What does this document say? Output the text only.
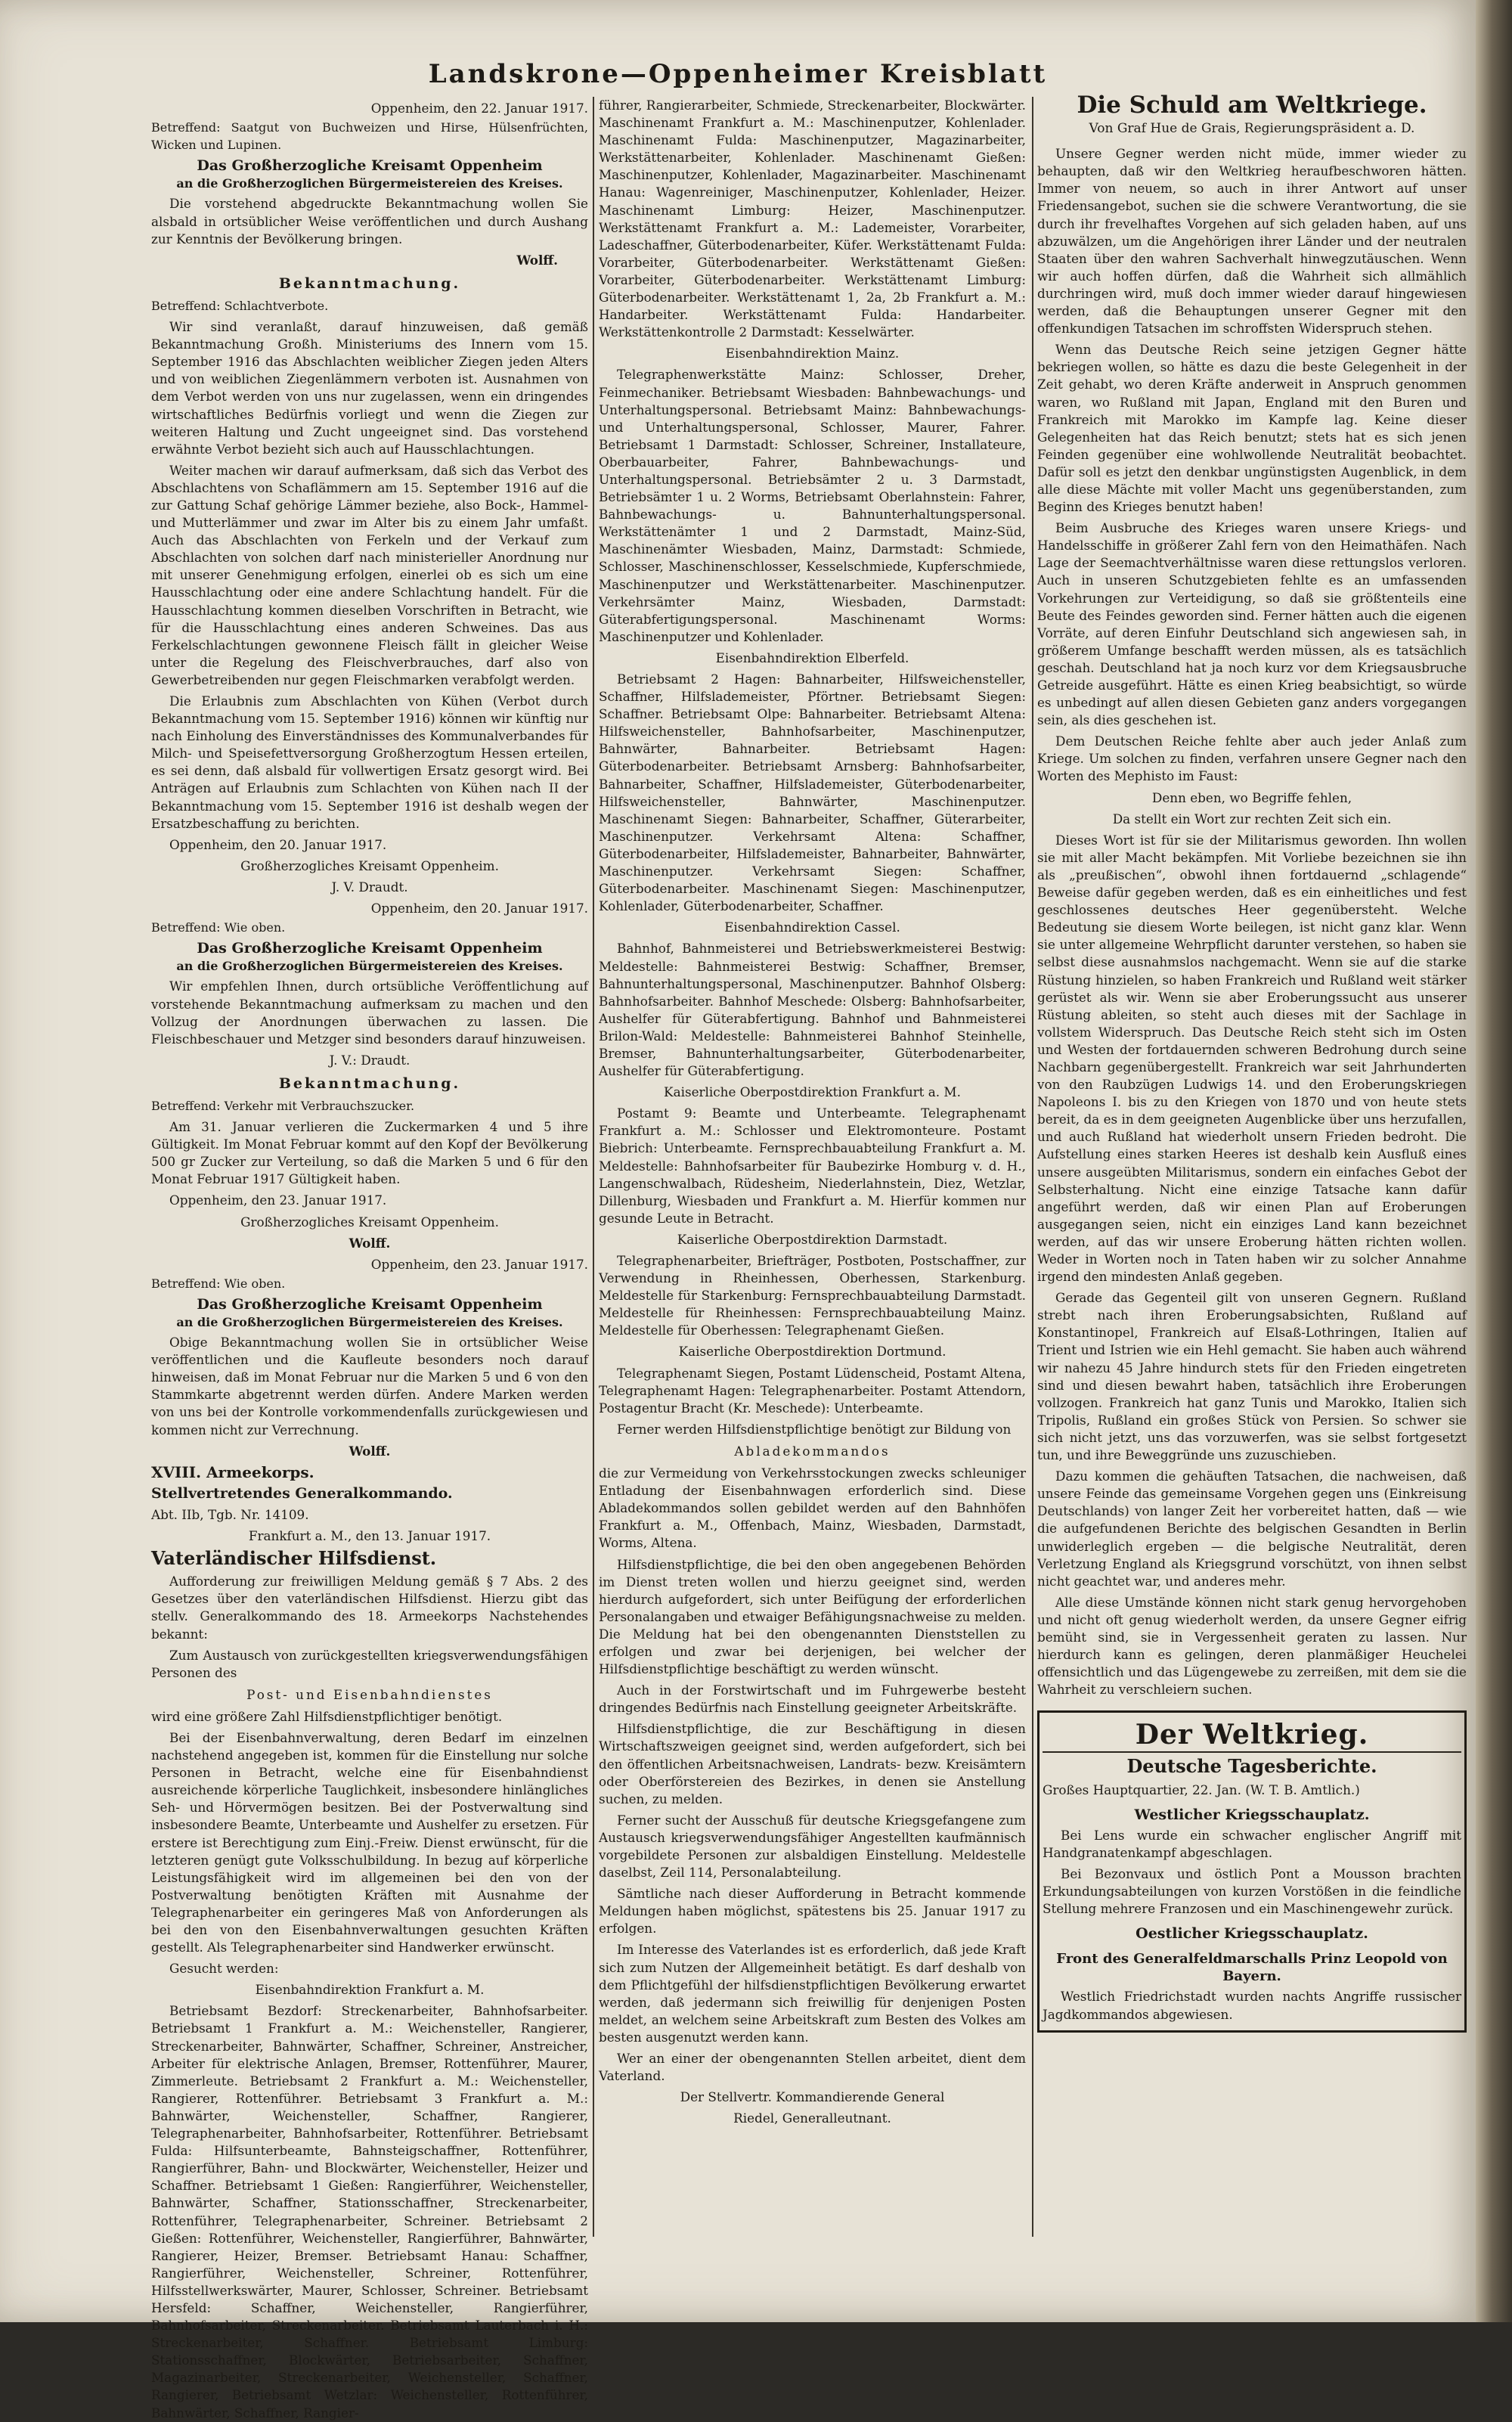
Landskrone—Oppenheimer Kreisblatt

Oppenheim, den 22. Januar 1917.

Betreffend: Saatgut von Buchweizen und Hirse, Hülsenfrüchten, Wicken und Lupinen.

Das Großherzogliche Kreisamt Oppenheim

an die Großherzoglichen Bürgermeistereien des Kreises.

Die vorstehend abgedruckte Bekanntmachung wollen Sie alsbald in ortsüblicher Weise veröffentlichen und durch Aushang zur Kenntnis der Bevölkerung bringen.

Wolff.

Bekanntmachung.

Betreffend: Schlachtverbote.

Wir sind veranlaßt, darauf hinzuweisen, daß gemäß Bekanntmachung Großh. Ministeriums des Innern vom 15. September 1916 das Abschlachten weiblicher Ziegen jeden Alters und von weiblichen Ziegenlämmern verboten ist. Ausnahmen von dem Verbot werden von uns nur zugelassen, wenn ein dringendes wirtschaftliches Bedürfnis vorliegt und wenn die Ziegen zur weiteren Haltung und Zucht ungeeignet sind. Das vorstehend erwähnte Verbot bezieht sich auch auf Hausschlachtungen.

Weiter machen wir darauf aufmerksam, daß sich das Verbot des Abschlachtens von Schaflämmern am 15. September 1916 auf die zur Gattung Schaf gehörige Lämmer beziehe, also Bock-, Hammel- und Mutterlämmer und zwar im Alter bis zu einem Jahr umfaßt. Auch das Abschlachten von Ferkeln und der Verkauf zum Abschlachten von solchen darf nach ministerieller Anordnung nur mit unserer Genehmigung erfolgen, einerlei ob es sich um eine Hausschlachtung oder eine andere Schlachtung handelt. Für die Hausschlachtung kommen dieselben Vorschriften in Betracht, wie für die Hausschlachtung eines anderen Schweines. Das aus Ferkelschlachtungen gewonnene Fleisch fällt in gleicher Weise unter die Regelung des Fleischverbrauches, darf also von Gewerbetreibenden nur gegen Fleischmarken verabfolgt werden.

Die Erlaubnis zum Abschlachten von Kühen (Verbot durch Bekanntmachung vom 15. September 1916) können wir künftig nur nach Einholung des Einverständnisses des Kommunalverbandes für Milch- und Speisefettversorgung Großherzogtum Hessen erteilen, es sei denn, daß alsbald für vollwertigen Ersatz gesorgt wird. Bei Anträgen auf Erlaubnis zum Schlachten von Kühen nach II der Bekanntmachung vom 15. September 1916 ist deshalb wegen der Ersatzbeschaffung zu berichten.

Oppenheim, den 20. Januar 1917.

Großherzogliches Kreisamt Oppenheim.

J. V. Draudt.

Oppenheim, den 20. Januar 1917.

Betreffend: Wie oben.

Das Großherzogliche Kreisamt Oppenheim

an die Großherzoglichen Bürgermeistereien des Kreises.

Wir empfehlen Ihnen, durch ortsübliche Veröffentlichung auf vorstehende Bekanntmachung aufmerksam zu machen und den Vollzug der Anordnungen überwachen zu lassen. Die Fleischbeschauer und Metzger sind besonders darauf hinzuweisen.

J. V.: Draudt.

Bekanntmachung.

Betreffend: Verkehr mit Verbrauchszucker.

Am 31. Januar verlieren die Zuckermarken 4 und 5 ihre Gültigkeit. Im Monat Februar kommt auf den Kopf der Bevölkerung 500 gr Zucker zur Verteilung, so daß die Marken 5 und 6 für den Monat Februar 1917 Gültigkeit haben.

Oppenheim, den 23. Januar 1917.

Großherzogliches Kreisamt Oppenheim.

Wolff.

Oppenheim, den 23. Januar 1917.

Betreffend: Wie oben.

Das Großherzogliche Kreisamt Oppenheim

an die Großherzoglichen Bürgermeistereien des Kreises.

Obige Bekanntmachung wollen Sie in ortsüblicher Weise veröffentlichen und die Kaufleute besonders noch darauf hinweisen, daß im Monat Februar nur die Marken 5 und 6 von den Stammkarte abgetrennt werden dürfen. Andere Marken werden von uns bei der Kontrolle vorkommendenfalls zurückgewiesen und kommen nicht zur Verrechnung.

Wolff.

XVIII. Armeekorps.

Stellvertretendes Generalkommando.

Abt. IIb, Tgb. Nr. 14109.

Frankfurt a. M., den 13. Januar 1917.

Vaterländischer Hilfsdienst.

Aufforderung zur freiwilligen Meldung gemäß § 7 Abs. 2 des Gesetzes über den vaterländischen Hilfsdienst. Hierzu gibt das stellv. Generalkommando des 18. Armeekorps Nachstehendes bekannt:

Zum Austausch von zurückgestellten kriegsverwendungsfähigen Personen des

Post- und Eisenbahndienstes

wird eine größere Zahl Hilfsdienstpflichtiger benötigt.

Bei der Eisenbahnverwaltung, deren Bedarf im einzelnen nachstehend angegeben ist, kommen für die Einstellung nur solche Personen in Betracht, welche eine für Eisenbahndienst ausreichende körperliche Tauglichkeit, insbesondere hinlängliches Seh- und Hörvermögen besitzen. Bei der Postverwaltung sind insbesondere Beamte, Unterbeamte und Aushelfer zu ersetzen. Für erstere ist Berechtigung zum Einj.-Freiw. Dienst erwünscht, für die letzteren genügt gute Volksschulbildung. In bezug auf körperliche Leistungsfähigkeit wird im allgemeinen bei den von der Postverwaltung benötigten Kräften mit Ausnahme der Telegraphenarbeiter ein geringeres Maß von Anforderungen als bei den von den Eisenbahnverwaltungen gesuchten Kräften gestellt. Als Telegraphenarbeiter sind Handwerker erwünscht.

Gesucht werden:

Eisenbahndirektion Frankfurt a. M.

Betriebsamt Bezdorf: Streckenarbeiter, Bahnhofsarbeiter. Betriebsamt 1 Frankfurt a. M.: Weichensteller, Rangierer, Streckenarbeiter, Bahnwärter, Schaffner, Schreiner, Anstreicher, Arbeiter für elektrische Anlagen, Bremser, Rottenführer, Maurer, Zimmerleute. Betriebsamt 2 Frankfurt a. M.: Weichensteller, Rangierer, Rottenführer. Betriebsamt 3 Frankfurt a. M.: Bahnwärter, Weichensteller, Schaffner, Rangierer, Telegraphenarbeiter, Bahnhofsarbeiter, Rottenführer. Betriebsamt Fulda: Hilfsunterbeamte, Bahnsteigschaffner, Rottenführer, Rangierführer, Bahn- und Blockwärter, Weichensteller, Heizer und Schaffner. Betriebsamt 1 Gießen: Rangierführer, Weichensteller, Bahnwärter, Schaffner, Stationsschaffner, Streckenarbeiter, Rottenführer, Telegraphenarbeiter, Schreiner. Betriebsamt 2 Gießen: Rottenführer, Weichensteller, Rangierführer, Bahnwärter, Rangierer, Heizer, Bremser. Betriebsamt Hanau: Schaffner, Rangierführer, Weichensteller, Schreiner, Rottenführer, Hilfsstellwerkswärter, Maurer, Schlosser, Schreiner. Betriebsamt Hersfeld: Schaffner, Weichensteller, Rangierführer, Bahnhofsarbeiter, Streckenarbeiter. Betriebsamt Lauterbach i. H.: Streckenarbeiter, Schaffner. Betriebsamt Limburg: Stationsschaffner, Blockwärter, Betriebsarbeiter, Schaffner, Magazinarbeiter, Streckenarbeiter, Weichensteller, Schaffner, Rangierer, Betriebsamt Wetzlar: Weichensteller, Rottenführer, Bahnwärter, Schaffner, Rangier-

führer, Rangierarbeiter, Schmiede, Streckenarbeiter, Blockwärter. Maschinenamt Frankfurt a. M.: Maschinenputzer, Kohlenlader. Maschinenamt Fulda: Maschinenputzer, Magazinarbeiter, Werkstättenarbeiter, Kohlenlader. Maschinenamt Gießen: Maschinenputzer, Kohlenlader, Magazinarbeiter. Maschinenamt Hanau: Wagenreiniger, Maschinenputzer, Kohlenlader, Heizer. Maschinenamt Limburg: Heizer, Maschinenputzer. Werkstättenamt Frankfurt a. M.: Lademeister, Vorarbeiter, Ladeschaffner, Güterbodenarbeiter, Küfer. Werkstättenamt Fulda: Vorarbeiter, Güterbodenarbeiter. Werkstättenamt Gießen: Vorarbeiter, Güterbodenarbeiter. Werkstättenamt Limburg: Güterbodenarbeiter. Werkstättenamt 1, 2a, 2b Frankfurt a. M.: Handarbeiter. Werkstättenamt Fulda: Handarbeiter. Werkstättenkontrolle 2 Darmstadt: Kesselwärter.

Eisenbahndirektion Mainz.

Telegraphenwerkstätte Mainz: Schlosser, Dreher, Feinmechaniker. Betriebsamt Wiesbaden: Bahnbewachungs- und Unterhaltungspersonal. Betriebsamt Mainz: Bahnbewachungs- und Unterhaltungspersonal, Schlosser, Maurer, Fahrer. Betriebsamt 1 Darmstadt: Schlosser, Schreiner, Installateure, Oberbauarbeiter, Fahrer, Bahnbewachungs- und Unterhaltungspersonal. Betriebsämter 2 u. 3 Darmstadt, Betriebsämter 1 u. 2 Worms, Betriebsamt Oberlahnstein: Fahrer, Bahnbewachungs- u. Bahnunterhaltungspersonal. Werkstättenämter 1 und 2 Darmstadt, Mainz-Süd, Maschinenämter Wiesbaden, Mainz, Darmstadt: Schmiede, Schlosser, Maschinenschlosser, Kesselschmiede, Kupferschmiede, Maschinenputzer und Werkstättenarbeiter. Maschinenputzer. Verkehrsämter Mainz, Wiesbaden, Darmstadt: Güterabfertigungspersonal. Maschinenamt Worms: Maschinenputzer und Kohlenlader.

Eisenbahndirektion Elberfeld.

Betriebsamt 2 Hagen: Bahnarbeiter, Hilfsweichensteller, Schaffner, Hilfslademeister, Pförtner. Betriebsamt Siegen: Schaffner. Betriebsamt Olpe: Bahnarbeiter. Betriebsamt Altena: Hilfsweichensteller, Bahnhofsarbeiter, Maschinenputzer, Bahnwärter, Bahnarbeiter. Betriebsamt Hagen: Güterbodenarbeiter. Betriebsamt Arnsberg: Bahnhofsarbeiter, Bahnarbeiter, Schaffner, Hilfslademeister, Güterbodenarbeiter, Hilfsweichensteller, Bahnwärter, Maschinenputzer. Maschinenamt Siegen: Bahnarbeiter, Schaffner, Güterarbeiter, Maschinenputzer. Verkehrsamt Altena: Schaffner, Güterbodenarbeiter, Hilfslademeister, Bahnarbeiter, Bahnwärter, Maschinenputzer. Verkehrsamt Siegen: Schaffner, Güterbodenarbeiter. Maschinenamt Siegen: Maschinenputzer, Kohlenlader, Güterbodenarbeiter, Schaffner.

Eisenbahndirektion Cassel.

Bahnhof, Bahnmeisterei und Betriebswerkmeisterei Bestwig: Meldestelle: Bahnmeisterei Bestwig: Schaffner, Bremser, Bahnunterhaltungspersonal, Maschinenputzer. Bahnhof Olsberg: Bahnhofsarbeiter. Bahnhof Meschede: Olsberg: Bahnhofsarbeiter, Aushelfer für Güterabfertigung. Bahnhof und Bahnmeisterei Brilon-Wald: Meldestelle: Bahnmeisterei Bahnhof Steinhelle, Bremser, Bahnunterhaltungsarbeiter, Güterbodenarbeiter, Aushelfer für Güterabfertigung.

Kaiserliche Oberpostdirektion Frankfurt a. M.

Postamt 9: Beamte und Unterbeamte. Telegraphenamt Frankfurt a. M.: Schlosser und Elektromonteure. Postamt Biebrich: Unterbeamte. Fernsprechbauabteilung Frankfurt a. M. Meldestelle: Bahnhofsarbeiter für Baubezirke Homburg v. d. H., Langenschwalbach, Rüdesheim, Niederlahnstein, Diez, Wetzlar, Dillenburg, Wiesbaden und Frankfurt a. M. Hierfür kommen nur gesunde Leute in Betracht.

Kaiserliche Oberpostdirektion Darmstadt.

Telegraphenarbeiter, Briefträger, Postboten, Postschaffner, zur Verwendung in Rheinhessen, Oberhessen, Starkenburg. Meldestelle für Starkenburg: Fernsprechbauabteilung Darmstadt. Meldestelle für Rheinhessen: Fernsprechbauabteilung Mainz. Meldestelle für Oberhessen: Telegraphenamt Gießen.

Kaiserliche Oberpostdirektion Dortmund.

Telegraphenamt Siegen, Postamt Lüdenscheid, Postamt Altena, Telegraphenamt Hagen: Telegraphenarbeiter. Postamt Attendorn, Postagentur Bracht (Kr. Meschede): Unterbeamte.

Ferner werden Hilfsdienstpflichtige benötigt zur Bildung von

Abladekommandos

die zur Vermeidung von Verkehrsstockungen zwecks schleuniger Entladung der Eisenbahnwagen erforderlich sind. Diese Abladekommandos sollen gebildet werden auf den Bahnhöfen Frankfurt a. M., Offenbach, Mainz, Wiesbaden, Darmstadt, Worms, Altena.

Hilfsdienstpflichtige, die bei den oben angegebenen Behörden im Dienst treten wollen und hierzu geeignet sind, werden hierdurch aufgefordert, sich unter Beifügung der erforderlichen Personalangaben und etwaiger Befähigungsnachweise zu melden. Die Meldung hat bei den obengenannten Dienststellen zu erfolgen und zwar bei derjenigen, bei welcher der Hilfsdienstpflichtige beschäftigt zu werden wünscht.

Auch in der Forstwirtschaft und im Fuhrgewerbe besteht dringendes Bedürfnis nach Einstellung geeigneter Arbeitskräfte.

Hilfsdienstpflichtige, die zur Beschäftigung in diesen Wirtschaftszweigen geeignet sind, werden aufgefordert, sich bei den öffentlichen Arbeitsnachweisen, Landrats- bezw. Kreisämtern oder Oberförstereien des Bezirkes, in denen sie Anstellung suchen, zu melden.

Ferner sucht der Ausschuß für deutsche Kriegsgefangene zum Austausch kriegsverwendungsfähiger Angestellten kaufmännisch vorgebildete Personen zur alsbaldigen Einstellung. Meldestelle daselbst, Zeil 114, Personalabteilung.

Sämtliche nach dieser Aufforderung in Betracht kommende Meldungen haben möglichst, spätestens bis 25. Januar 1917 zu erfolgen.

Im Interesse des Vaterlandes ist es erforderlich, daß jede Kraft sich zum Nutzen der Allgemeinheit betätigt. Es darf deshalb von dem Pflichtgefühl der hilfsdienstpflichtigen Bevölkerung erwartet werden, daß jedermann sich freiwillig für denjenigen Posten meldet, an welchem seine Arbeitskraft zum Besten des Volkes am besten ausgenutzt werden kann.

Wer an einer der obengenannten Stellen arbeitet, dient dem Vaterland.

Der Stellvertr. Kommandierende General

Riedel, Generalleutnant.

Die Schuld am Weltkriege.

Von Graf Hue de Grais, Regierungspräsident a. D.

Unsere Gegner werden nicht müde, immer wieder zu behaupten, daß wir den Weltkrieg heraufbeschworen hätten. Immer von neuem, so auch in ihrer Antwort auf unser Friedensangebot, suchen sie die schwere Verantwortung, die sie durch ihr frevelhaftes Vorgehen auf sich geladen haben, auf uns abzuwälzen, um die Angehörigen ihrer Länder und der neutralen Staaten über den wahren Sachverhalt hinwegzutäuschen. Wenn wir auch hoffen dürfen, daß die Wahrheit sich allmählich durchringen wird, muß doch immer wieder darauf hingewiesen werden, daß die Behauptungen unserer Gegner mit den offenkundigen Tatsachen im schroffsten Widerspruch stehen.

Wenn das Deutsche Reich seine jetzigen Gegner hätte bekriegen wollen, so hätte es dazu die beste Gelegenheit in der Zeit gehabt, wo deren Kräfte anderweit in Anspruch genommen waren, wo Rußland mit Japan, England mit den Buren und Frankreich mit Marokko im Kampfe lag. Keine dieser Gelegenheiten hat das Reich benutzt; stets hat es sich jenen Feinden gegenüber eine wohlwollende Neutralität beobachtet. Dafür soll es jetzt den denkbar ungünstigsten Augenblick, in dem alle diese Mächte mit voller Macht uns gegenüberstanden, zum Beginn des Krieges benutzt haben!

Beim Ausbruche des Krieges waren unsere Kriegs- und Handelsschiffe in größerer Zahl fern von den Heimathäfen. Nach Lage der Seemachtverhältnisse waren diese rettungslos verloren. Auch in unseren Schutzgebieten fehlte es an umfassenden Vorkehrungen zur Verteidigung, so daß sie größtenteils eine Beute des Feindes geworden sind. Ferner hätten auch die eigenen Vorräte, auf deren Einfuhr Deutschland sich angewiesen sah, in größerem Umfange beschafft werden müssen, als es tatsächlich geschah. Deutschland hat ja noch kurz vor dem Kriegsausbruche Getreide ausgeführt. Hätte es einen Krieg beabsichtigt, so würde es unbedingt auf allen diesen Gebieten ganz anders vorgegangen sein, als dies geschehen ist.

Dem Deutschen Reiche fehlte aber auch jeder Anlaß zum Kriege. Um solchen zu finden, verfahren unsere Gegner nach den Worten des Mephisto im Faust:

Denn eben, wo Begriffe fehlen,

Da stellt ein Wort zur rechten Zeit sich ein.

Dieses Wort ist für sie der Militarismus geworden. Ihn wollen sie mit aller Macht bekämpfen. Mit Vorliebe bezeichnen sie ihn als „preußischen“, obwohl ihnen fortdauernd „schlagende“ Beweise dafür gegeben werden, daß es ein einheitliches und fest geschlossenes deutsches Heer gegenübersteht. Welche Bedeutung sie diesem Worte beilegen, ist nicht ganz klar. Wenn sie unter allgemeine Wehrpflicht darunter verstehen, so haben sie selbst diese ausnahmslos nachgemacht. Wenn sie auf die starke Rüstung hinzielen, so haben Frankreich und Rußland weit stärker gerüstet als wir. Wenn sie aber Eroberungssucht aus unserer Rüstung ableiten, so steht auch dieses mit der Sachlage in vollstem Widerspruch. Das Deutsche Reich steht sich im Osten und Westen der fortdauernden schweren Bedrohung durch seine Nachbarn gegenübergestellt. Frankreich war seit Jahrhunderten von den Raubzügen Ludwigs 14. und den Eroberungskriegen Napoleons I. bis zu den Kriegen von 1870 und von heute stets bereit, da es in dem geeigneten Augenblicke über uns herzufallen, und auch Rußland hat wiederholt unsern Frieden bedroht. Die Aufstellung eines starken Heeres ist deshalb kein Ausfluß eines unsere ausgeübten Militarismus, sondern ein einfaches Gebot der Selbsterhaltung. Nicht eine einzige Tatsache kann dafür angeführt werden, daß wir einen Plan auf Eroberungen ausgegangen seien, nicht ein einziges Land kann bezeichnet werden, auf das wir unsere Eroberung hätten richten wollen. Weder in Worten noch in Taten haben wir zu solcher Annahme irgend den mindesten Anlaß gegeben.

Gerade das Gegenteil gilt von unseren Gegnern. Rußland strebt nach ihren Eroberungsabsichten, Rußland auf Konstantinopel, Frankreich auf Elsaß-Lothringen, Italien auf Trient und Istrien wie ein Hehl gemacht. Sie haben auch während wir nahezu 45 Jahre hindurch stets für den Frieden eingetreten sind und diesen bewahrt haben, tatsächlich ihre Eroberungen vollzogen. Frankreich hat ganz Tunis und Marokko, Italien sich Tripolis, Rußland ein großes Stück von Persien. So schwer sie sich nicht jetzt, uns das vorzuwerfen, was sie selbst fortgesetzt tun, und ihre Beweggründe uns zuzuschieben.

Dazu kommen die gehäuften Tatsachen, die nachweisen, daß unsere Feinde das gemeinsame Vorgehen gegen uns (Einkreisung Deutschlands) von langer Zeit her vorbereitet hatten, daß — wie die aufgefundenen Berichte des belgischen Gesandten in Berlin unwiderleglich ergeben — die belgische Neutralität, deren Verletzung England als Kriegsgrund vorschützt, von ihnen selbst nicht geachtet war, und anderes mehr.

Alle diese Umstände können nicht stark genug hervorgehoben und nicht oft genug wiederholt werden, da unsere Gegner eifrig bemüht sind, sie in Vergessenheit geraten zu lassen. Nur hierdurch kann es gelingen, deren planmäßiger Heuchelei offensichtlich und das Lügengewebe zu zerreißen, mit dem sie die Wahrheit zu verschleiern suchen.

Der Weltkrieg.

Deutsche Tagesberichte.

Großes Hauptquartier, 22. Jan. (W. T. B. Amtlich.)

Westlicher Kriegsschauplatz.

Bei Lens wurde ein schwacher englischer Angriff mit Handgranatenkampf abgeschlagen.

Bei Bezonvaux und östlich Pont a Mousson brachten Erkundungsabteilungen von kurzen Vorstößen in die feindliche Stellung mehrere Franzosen und ein Maschinengewehr zurück.

Oestlicher Kriegsschauplatz.

Front des Generalfeldmarschalls Prinz Leopold von Bayern.

Westlich Friedrichstadt wurden nachts Angriffe russischer Jagdkommandos abgewiesen.
